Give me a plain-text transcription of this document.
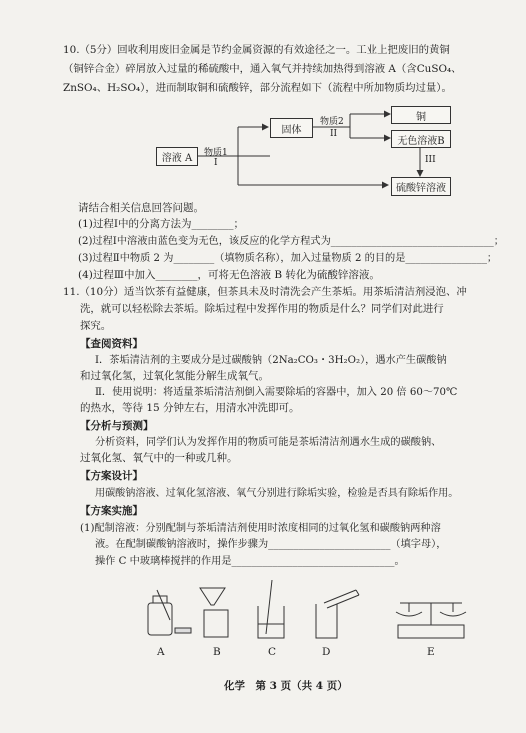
10.（5分）回收利用废旧金属是节约金属资源的有效途径之一。工业上把废旧的黄铜
（铜锌合金）碎屑放入过量的稀硫酸中，通入氧气并持续加热得到溶液 A（含CuSO₄、
ZnSO₄、H₂SO₄），进而制取铜和硫酸锌，部分流程如下（流程中所加物质均过量）。
溶液 A	物质1
I
固体
物质2
II
铜
无色溶液B
III
硫酸锌溶液
请结合相关信息回答问题。
(1)过程Ⅰ中的分离方法为________；
(2)过程Ⅰ中溶液由蓝色变为无色，该反应的化学方程式为________________________________；
(3)过程Ⅱ中物质 2 为________（填物质名称），加入过量物质 2 的目的是________________；
(4)过程Ⅲ中加入________，可将无色溶液 B 转化为硫酸锌溶液。
11.（10分）适当饮茶有益健康，但茶具未及时清洗会产生茶垢。用茶垢清洁剂浸泡、冲
洗，就可以轻松除去茶垢。除垢过程中发挥作用的物质是什么？同学们对此进行
探究。
【查阅资料】
Ⅰ．茶垢清洁剂的主要成分是过碳酸钠（2Na₂CO₃・3H₂O₂），遇水产生碳酸钠
和过氧化氢，过氧化氢能分解生成氧气。
Ⅱ．使用说明：将适量茶垢清洁剂倒入需要除垢的容器中，加入 20 倍 60～70℃
的热水，等待 15 分钟左右，用清水冲洗即可。
【分析与预测】
分析资料，同学们认为发挥作用的物质可能是茶垢清洁剂遇水生成的碳酸钠、
过氧化氢、氧气中的一种或几种。
【方案设计】
用碳酸钠溶液、过氧化氢溶液、氧气分别进行除垢实验，检验是否具有除垢作用。
【方案实施】
(1)配制溶液：分别配制与茶垢清洁剂使用时浓度相同的过氧化氢和碳酸钠两种溶
液。在配制碳酸钠溶液时，操作步骤为________________________（填字母），
操作 C 中玻璃棒搅拌的作用是________________________________。
A	B	C	D	E
化学　第 3 页（共 4 页）
